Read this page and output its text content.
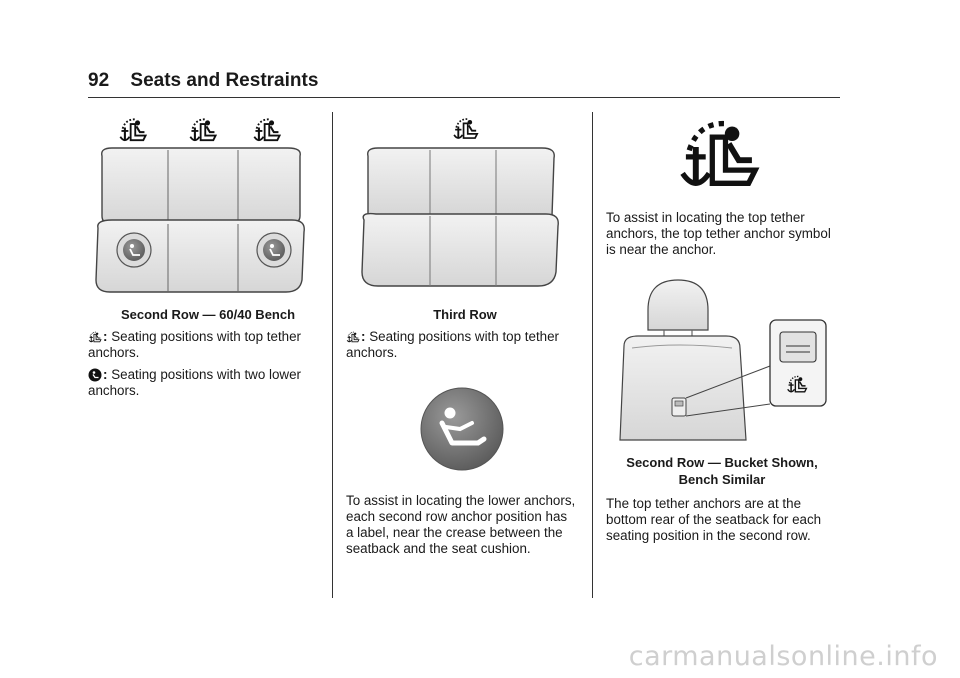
92 Seats and Restraints
Second Row — 60/40 Bench

: Seating positions with top tether anchors.

: Seating positions with two lower anchors.

Third Row

: Seating positions with top tether anchors.

To assist in locating the lower anchors, each second row anchor position has a label, near the crease between the seatback and the seat cushion.

To assist in locating the top tether anchors, the top tether anchor symbol is near the anchor.

Second Row — Bucket Shown,
Bench Similar

The top tether anchors are at the bottom rear of the seatback for each seating position in the second row.

carmanualsonline.info
